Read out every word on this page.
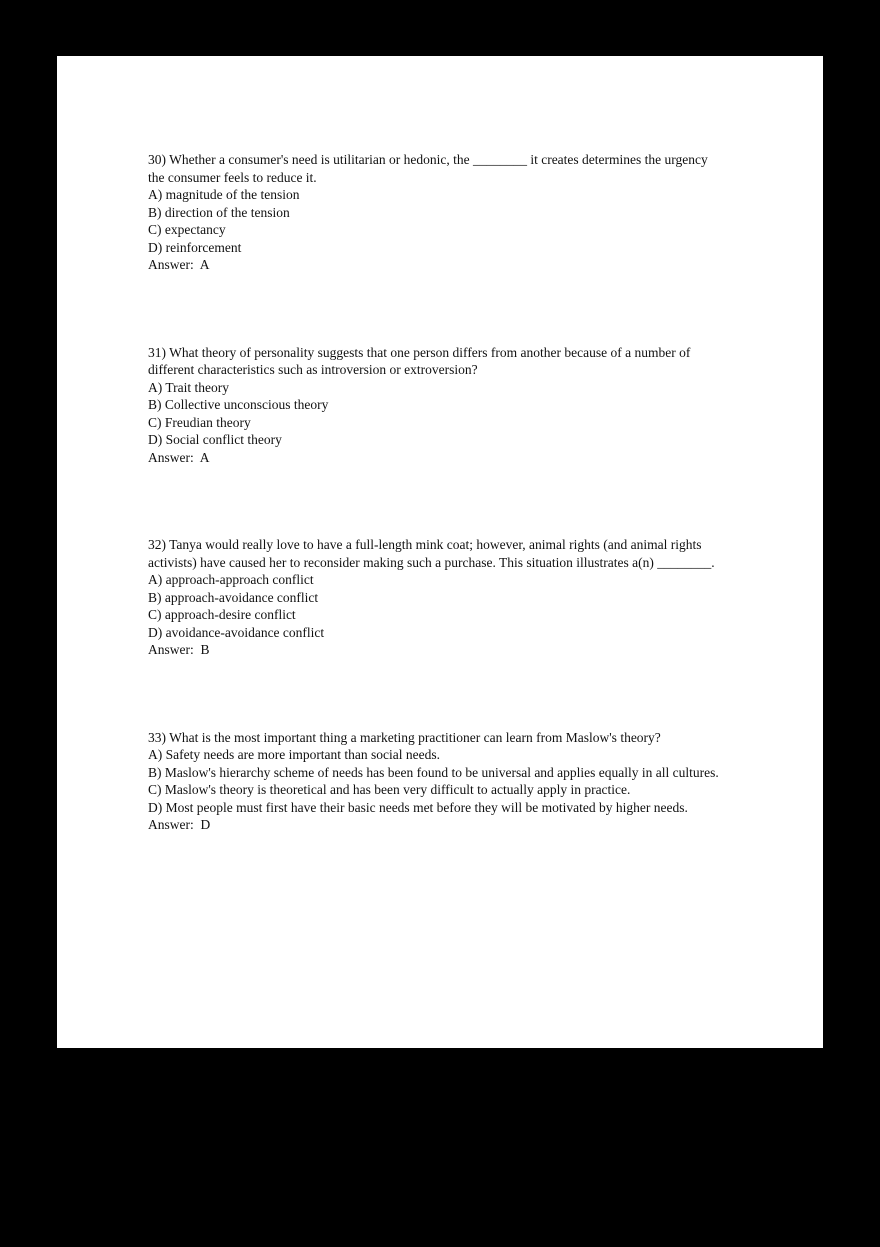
30) Whether a consumer's need is utilitarian or hedonic, the ________ it creates determines the urgency the consumer feels to reduce it.

A) magnitude of the tension

B) direction of the tension

C) expectancy

D) reinforcement

Answer:  A

31) What theory of personality suggests that one person differs from another because of a number of different characteristics such as introversion or extroversion?

A) Trait theory

B) Collective unconscious theory

C) Freudian theory

D) Social conflict theory

Answer:  A

32) Tanya would really love to have a full-length mink coat; however, animal rights (and animal rights activists) have caused her to reconsider making such a purchase. This situation illustrates a(n) ________.

A) approach-approach conflict

B) approach-avoidance conflict

C) approach-desire conflict

D) avoidance-avoidance conflict

Answer:  B

33) What is the most important thing a marketing practitioner can learn from Maslow's theory?

A) Safety needs are more important than social needs.

B) Maslow's hierarchy scheme of needs has been found to be universal and applies equally in all cultures.

C) Maslow's theory is theoretical and has been very difficult to actually apply in practice.

D) Most people must first have their basic needs met before they will be motivated by higher needs.

Answer:  D
